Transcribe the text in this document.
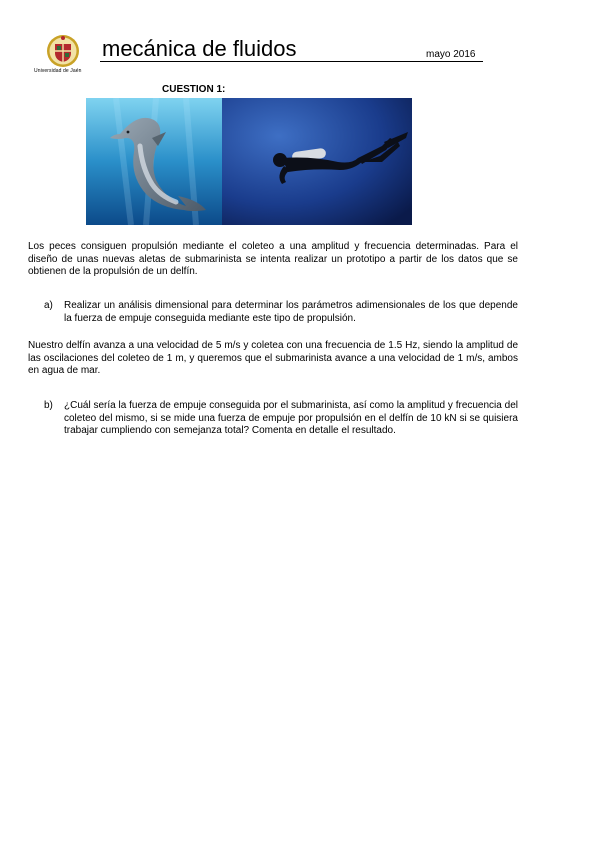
Universidad de Jaén
mecánica de fluidos	mayo 2016
CUESTION 1:
Los peces consiguen propulsión mediante el coleteo a una amplitud y frecuencia determinadas. Para el diseño de unas nuevas aletas de submarinista se intenta realizar un prototipo a partir de los datos que se obtienen de la propulsión de un delfín.
a) Realizar un análisis dimensional para determinar los parámetros adimensionales de los que depende la fuerza de empuje conseguida mediante este tipo de propulsión.
Nuestro delfín avanza a una velocidad de 5 m/s y coletea con una frecuencia de 1.5 Hz, siendo la amplitud de las oscilaciones del coleteo de 1 m, y queremos que el submarinista avance a una velocidad de 1 m/s, ambos en agua de mar.
b) ¿Cuál sería la fuerza de empuje conseguida por el submarinista, así como la amplitud y frecuencia del coleteo del mismo, si se mide una fuerza de empuje por propulsión en el delfín de 10 kN si se quisiera trabajar cumpliendo con semejanza total? Comenta en detalle el resultado.
